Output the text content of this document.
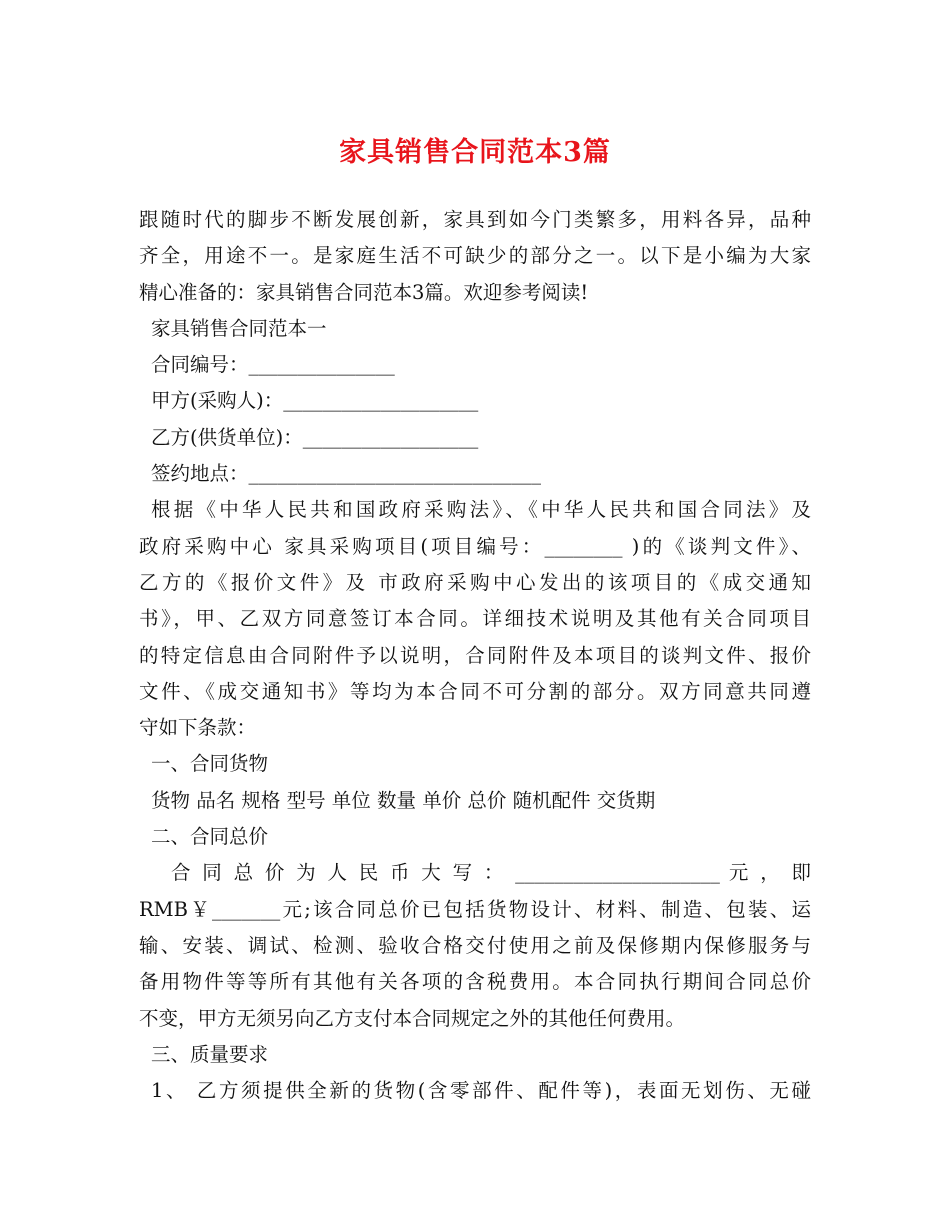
家具销售合同范本3篇
跟随时代的脚步不断发展创新，家具到如今门类繁多，用料各异，品种
齐全，用途不一。是家庭生活不可缺少的部分之一。以下是小编为大家
精心准备的：家具销售合同范本3篇。欢迎参考阅读!
家具销售合同范本一
合同编号：_______________
甲方(采购人)：____________________
乙方(供货单位)：__________________
签约地点：______________________________
根据《中华人民共和国政府采购法》、《中华人民共和国合同法》及
政府采购中心 家具采购项目(项目编号：________ )的《谈判文件》、
乙方的《报价文件》及 市政府采购中心发出的该项目的《成交通知
书》，甲、乙双方同意签订本合同。详细技术说明及其他有关合同项目
的特定信息由合同附件予以说明，合同附件及本项目的谈判文件、报价
文件、《成交通知书》等均为本合同不可分割的部分。双方同意共同遵
守如下条款：
一、合同货物
货物 品名 规格 型号 单位 数量 单价 总价 随机配件 交货期
二、合同总价
合 同 总 价 为 人 民 币 大 写 ： _____________________ 元 ， 即
RMB￥_______元;该合同总价已包括货物设计、材料、制造、包装、运
输、安装、调试、检测、验收合格交付使用之前及保修期内保修服务与
备用物件等等所有其他有关各项的含税费用。本合同执行期间合同总价
不变，甲方无须另向乙方支付本合同规定之外的其他任何费用。
三、质量要求
1、 乙方须提供全新的货物(含零部件、配件等)，表面无划伤、无碰
